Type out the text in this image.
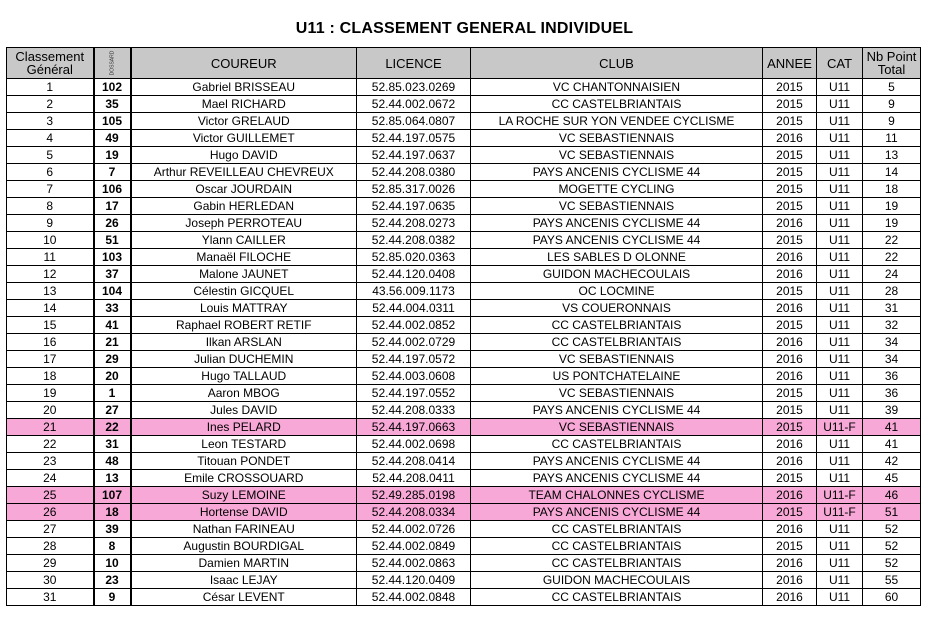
U11 : CLASSEMENT GENERAL INDIVIDUEL
Classement Général	DOSSARD	COUREUR	LICENCE	CLUB	ANNEE	CAT	Nb Point Total
1	102	Gabriel BRISSEAU	52.85.023.0269	VC CHANTONNAISIEN	2015	U11	5
2	35	Mael RICHARD	52.44.002.0672	CC CASTELBRIANTAIS	2015	U11	9
3	105	Victor GRELAUD	52.85.064.0807	LA ROCHE SUR YON VENDEE CYCLISME	2015	U11	9
4	49	Victor GUILLEMET	52.44.197.0575	VC SEBASTIENNAIS	2016	U11	11
5	19	Hugo DAVID	52.44.197.0637	VC SEBASTIENNAIS	2015	U11	13
6	7	Arthur REVEILLEAU CHEVREUX	52.44.208.0380	PAYS ANCENIS CYCLISME 44	2015	U11	14
7	106	Oscar JOURDAIN	52.85.317.0026	MOGETTE CYCLING	2015	U11	18
8	17	Gabin HERLEDAN	52.44.197.0635	VC SEBASTIENNAIS	2015	U11	19
9	26	Joseph PERROTEAU	52.44.208.0273	PAYS ANCENIS CYCLISME 44	2016	U11	19
10	51	Ylann CAILLER	52.44.208.0382	PAYS ANCENIS CYCLISME 44	2015	U11	22
11	103	Manaël FILOCHE	52.85.020.0363	LES SABLES D OLONNE	2016	U11	22
12	37	Malone JAUNET	52.44.120.0408	GUIDON MACHECOULAIS	2016	U11	24
13	104	Célestin GICQUEL	43.56.009.1173	OC LOCMINE	2015	U11	28
14	33	Louis MATTRAY	52.44.004.0311	VS COUERONNAIS	2016	U11	31
15	41	Raphael ROBERT RETIF	52.44.002.0852	CC CASTELBRIANTAIS	2015	U11	32
16	21	Ilkan ARSLAN	52.44.002.0729	CC CASTELBRIANTAIS	2016	U11	34
17	29	Julian DUCHEMIN	52.44.197.0572	VC SEBASTIENNAIS	2016	U11	34
18	20	Hugo TALLAUD	52.44.003.0608	US PONTCHATELAINE	2016	U11	36
19	1	Aaron MBOG	52.44.197.0552	VC SEBASTIENNAIS	2015	U11	36
20	27	Jules DAVID	52.44.208.0333	PAYS ANCENIS CYCLISME 44	2015	U11	39
21	22	Ines PELARD	52.44.197.0663	VC SEBASTIENNAIS	2015	U11-F	41
22	31	Leon TESTARD	52.44.002.0698	CC CASTELBRIANTAIS	2016	U11	41
23	48	Titouan PONDET	52.44.208.0414	PAYS ANCENIS CYCLISME 44	2016	U11	42
24	13	Emile CROSSOUARD	52.44.208.0411	PAYS ANCENIS CYCLISME 44	2015	U11	45
25	107	Suzy LEMOINE	52.49.285.0198	TEAM CHALONNES CYCLISME	2016	U11-F	46
26	18	Hortense DAVID	52.44.208.0334	PAYS ANCENIS CYCLISME 44	2015	U11-F	51
27	39	Nathan FARINEAU	52.44.002.0726	CC CASTELBRIANTAIS	2016	U11	52
28	8	Augustin BOURDIGAL	52.44.002.0849	CC CASTELBRIANTAIS	2015	U11	52
29	10	Damien MARTIN	52.44.002.0863	CC CASTELBRIANTAIS	2016	U11	52
30	23	Isaac LEJAY	52.44.120.0409	GUIDON MACHECOULAIS	2016	U11	55
31	9	César LEVENT	52.44.002.0848	CC CASTELBRIANTAIS	2016	U11	60
